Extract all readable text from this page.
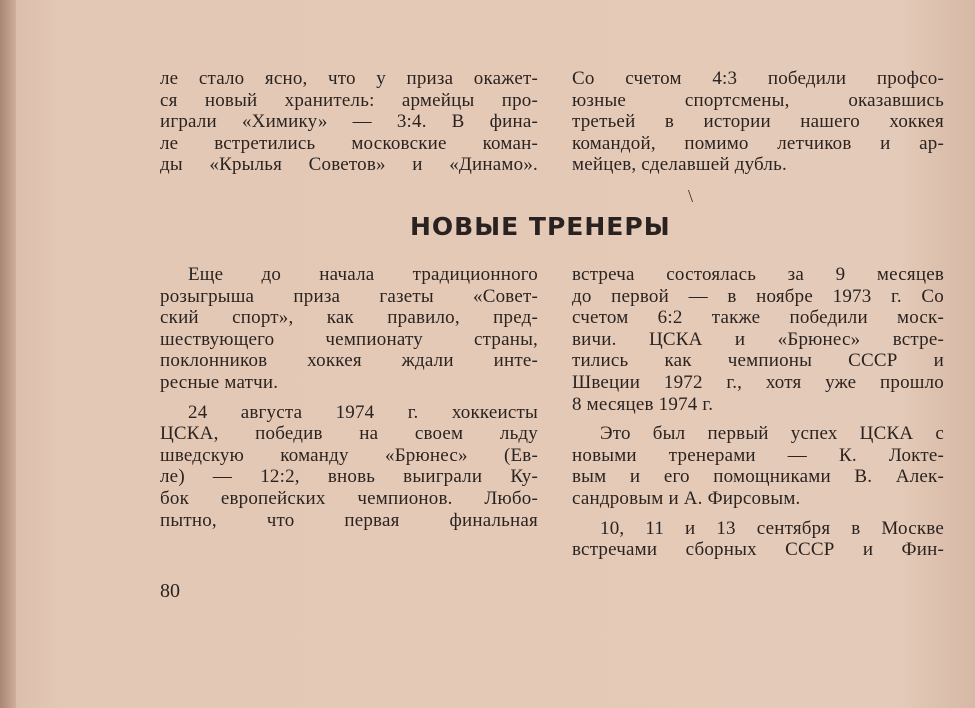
ле стало ясно, что у приза окажет-
ся новый хранитель: армейцы про-
играли «Химику» — 3:4. В фина-
ле встретились московские коман-
ды «Крылья Советов» и «Динамо».
Со счетом 4:3 победили профсо-
юзные спортсмены, оказавшись
третьей в истории нашего хоккея
командой, помимо летчиков и ар-
мейцев, сделавшей дубль.
\
НОВЫЕ ТРЕНЕРЫ
Еще до начала традиционного
розыгрыша приза газеты «Совет-
ский спорт», как правило, пред-
шествующего чемпионату страны,
поклонников хоккея ждали инте-
ресные матчи.
24 августа 1974 г. хоккеисты
ЦСКА, победив на своем льду
шведскую команду «Брюнес» (Ев-
ле) — 12:2, вновь выиграли Ку-
бок европейских чемпионов. Любо-
пытно, что первая финальная
встреча состоялась за 9 месяцев
до первой — в ноябре 1973 г. Со
счетом 6:2 также победили моск-
вичи. ЦСКА и «Брюнес» встре-
тились как чемпионы СССР и
Швеции 1972 г., хотя уже прошло
8 месяцев 1974 г.
Это был первый успех ЦСКА с
новыми тренерами — К. Локте-
вым и его помощниками В. Алек-
сандровым и А. Фирсовым.
10, 11 и 13 сентября в Москве
встречами сборных СССР и Фин-
80
